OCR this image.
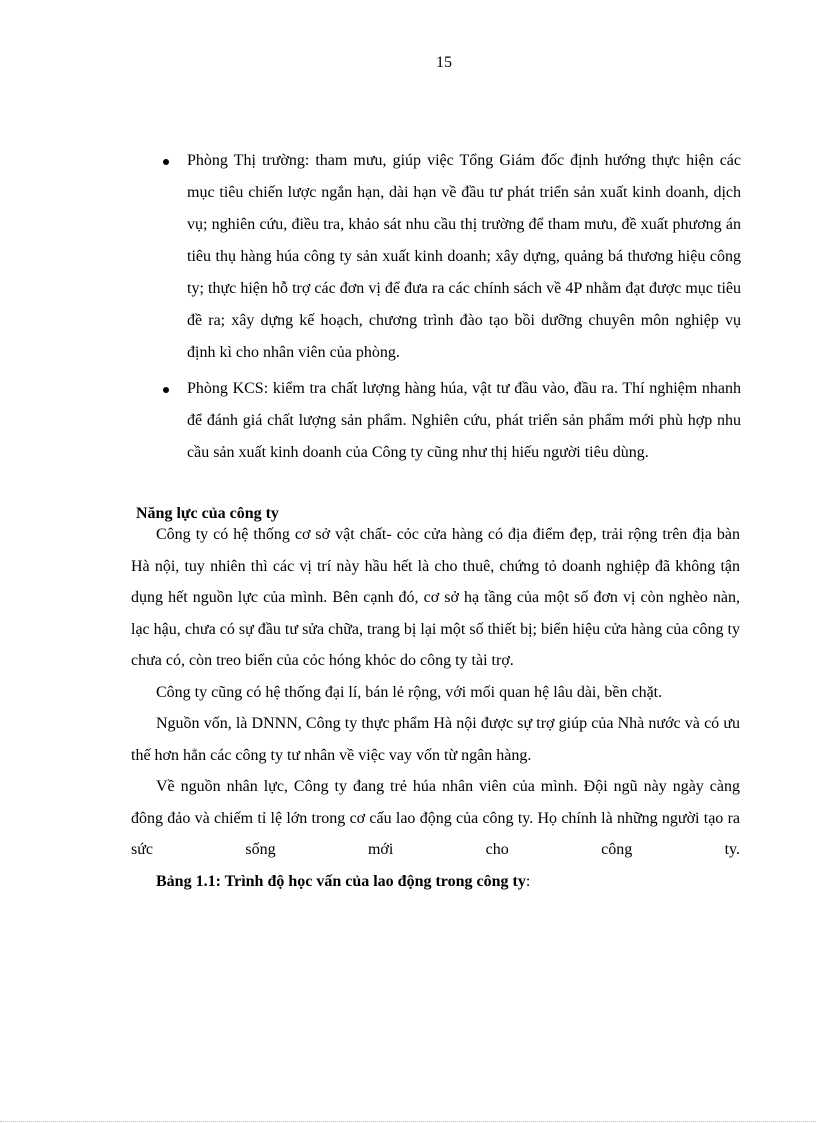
15
Phòng Thị trường: tham mưu, giúp việc Tổng Giám đốc định hướng thực hiện các mục tiêu chiến lược ngắn hạn, dài hạn về đầu tư phát triển sản xuất kinh doanh, dịch vụ; nghiên cứu, điều tra, khảo sát nhu cầu thị trường để tham mưu, đề xuất phương án tiêu thụ hàng húa công ty sản xuất kinh doanh; xây dựng, quảng bá thương hiệu công ty; thực hiện hỗ trợ các đơn vị để đưa ra các chính sách về 4P nhằm đạt được mục tiêu đề ra; xây dựng kế hoạch, chương trình đào tạo bồi dưỡng chuyên môn nghiệp vụ định kì cho nhân viên của phòng.
Phòng KCS: kiểm tra chất lượng hàng húa, vật tư đầu vào, đầu ra. Thí nghiệm nhanh để đánh giá chất lượng sản phẩm. Nghiên cứu, phát triển sản phẩm mới phù hợp nhu cầu sản xuất kinh doanh của Công ty cũng như thị hiếu người tiêu dùng.
Năng lực của công ty

Công ty có hệ thống cơ sở vật chất- cỏc cửa hàng có địa điểm đẹp, trải rộng trên địa bàn Hà nội, tuy nhiên thì các vị trí này hầu hết là cho thuê, chứng tỏ doanh nghiệp đã không tận dụng hết nguồn lực của mình. Bên cạnh đó, cơ sở hạ tầng của một số đơn vị còn nghèo nàn, lạc hậu, chưa có sự đầu tư sửa chữa, trang bị lại một số thiết bị; biển hiệu cửa hàng của công ty chưa có, còn treo biển của cỏc hóng khỏc do công ty tài trợ.

Công ty cũng có hệ thống đại lí, bán lẻ rộng, với mối quan hệ lâu dài, bền chặt.

Nguồn vốn, là DNNN, Công ty thực phẩm Hà nội được sự trợ giúp của Nhà nước và có ưu thế hơn hẳn các công ty tư nhân về việc vay vốn từ ngân hàng.

Về nguồn nhân lực, Công ty đang trẻ húa nhân viên của mình. Đội ngũ này ngày càng đông đảo và chiếm tỉ lệ lớn trong cơ cấu lao động của công ty. Họ chính là những người tạo ra sức sống mới cho công ty.

Bảng 1.1: Trình độ học vấn của lao động trong công ty:
